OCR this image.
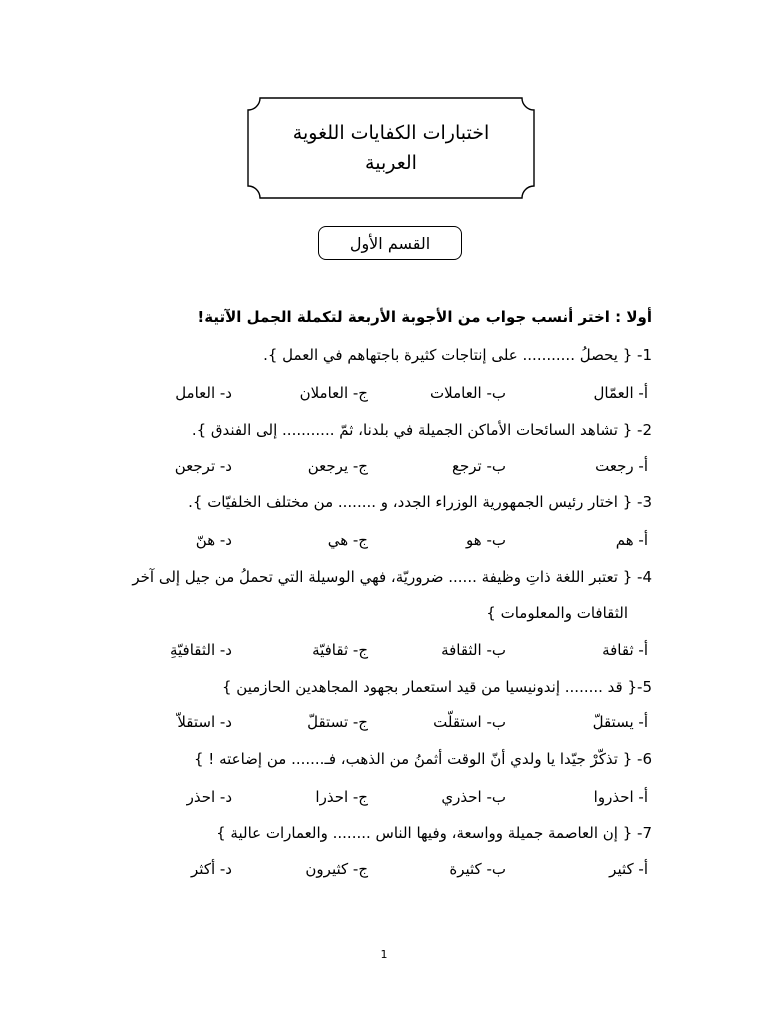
اختبارات الكفايات اللغوية
العربية
القسم الأول
أولا : اختر أنسب جواب من الأجوبة الأربعة لتكملة الجمل الآتية!
1- { يحصلُ ........... على إنتاجات كثيرة باجتهاهم في العمل }.
أ- العمّال
ب- العاملات
ج- العاملان
د- العامل
2- { تشاهد السائحات الأماكن الجميلة في بلدنا، ثمّ ........... إلى الفندق }.
أ- رجعت
ب- ترجع
ج- يرجعن
د- ترجعن
3- { اختار رئيس الجمهورية الوزراء الجدد، و ........ من مختلف الخلفيّات }.
أ- هم
ب- هو
ج- هي
د- هنّ
4- { تعتبر اللغة ذاتِ وظيفة ...... ضروريّة، فهي الوسيلة التي تحملُ من جيل إلى آخر
الثقافات والمعلومات }
أ- ثقافة
ب- الثقافة
ج- ثقافيّة
د- الثقافيّةِ
5-{ قد ........ إندونيسيا من قيد استعمار بجهود المجاهدين الحازمين }
أ- يستقلّ
ب- استقلّت
ج- تستقلّ
د- استقلاّ
6- { تذكّرْ جيّدا يا ولدي أنّ الوقت أثمنُ من الذهب، فـ....... من إضاعته ! }
أ- احذروا
ب- احذري
ج- احذرا
د- احذر
7- { إن العاصمة جميلة وواسعة، وفيها الناس ........ والعمارات عالية }
أ- كثير
ب- كثيرة
ج- كثيرون
د- أكثر
1
